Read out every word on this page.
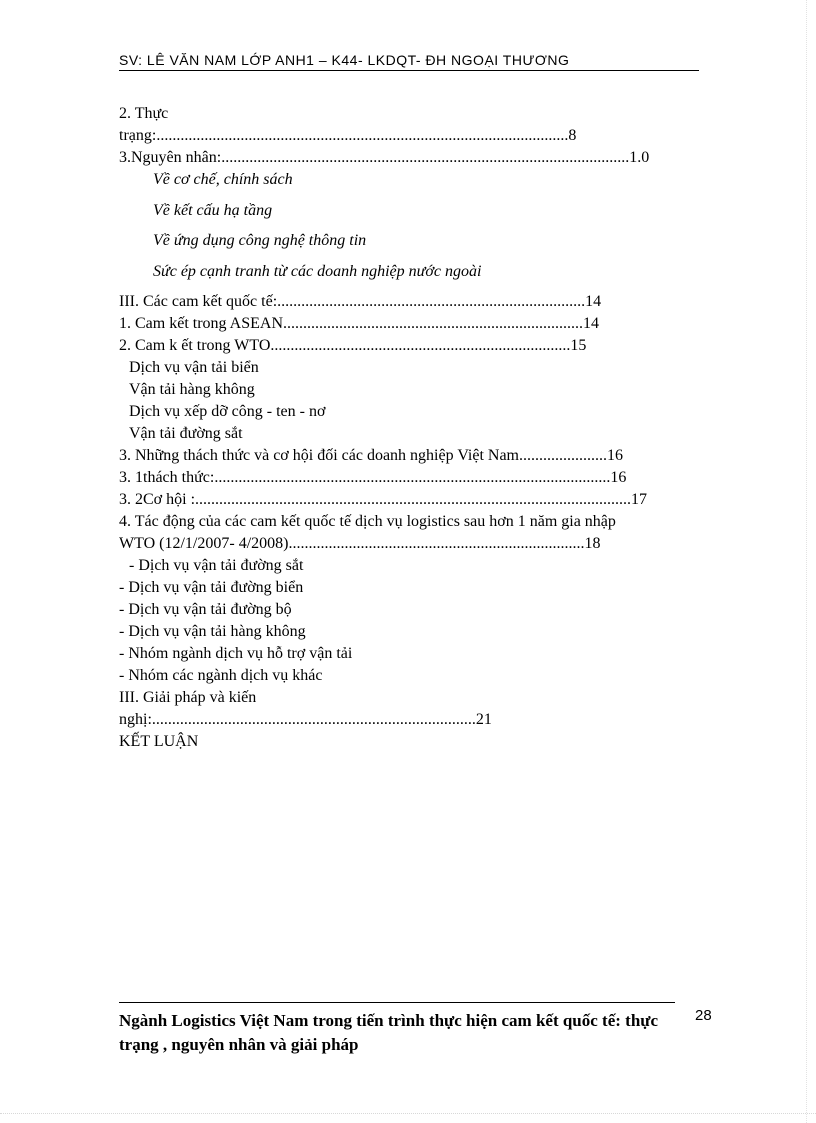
SV: LÊ VĂN NAM LỚP ANH1 – K44- LKDQT- ĐH NGOẠI THƯƠNG
2. Thực
trạng:.......................................................................................................8
3.Nguyên nhân:......................................................................................................1.0
Về cơ chế, chính sách
Về kết cấu hạ tầng
Về ứng dụng công nghệ thông tin
Sức ép cạnh tranh từ các doanh nghiệp nước ngoài
III. Các cam kết quốc tế:.............................................................................14
1. Cam kết trong ASEAN...........................................................................14
2. Cam k ết trong WTO...........................................................................15
Dịch vụ vận tải biển
Vận tải hàng không
Dịch vụ xếp dỡ công - ten - nơ
Vận tải đường sắt
3. Những thách thức và cơ hội đối các doanh nghiệp Việt Nam......................16
3. 1thách thức:...................................................................................................16
3. 2Cơ hội :.............................................................................................................17
4. Tác động của các cam kết quốc tế dịch vụ logistics sau hơn 1 năm gia nhập
WTO (12/1/2007- 4/2008)..........................................................................18
- Dịch vụ vận tải đường sắt
- Dịch vụ vận tải đường biển
- Dịch vụ vận tải đường bộ
- Dịch vụ vận tải hàng không
- Nhóm ngành dịch vụ hỗ trợ vận tải
- Nhóm các ngành dịch vụ khác
III. Giải pháp và kiến
nghị:.................................................................................21
KẾT LUẬN
Ngành Logistics Việt Nam trong tiến trình thực hiện cam kết quốc tế: thực trạng , nguyên nhân và giải pháp
28
